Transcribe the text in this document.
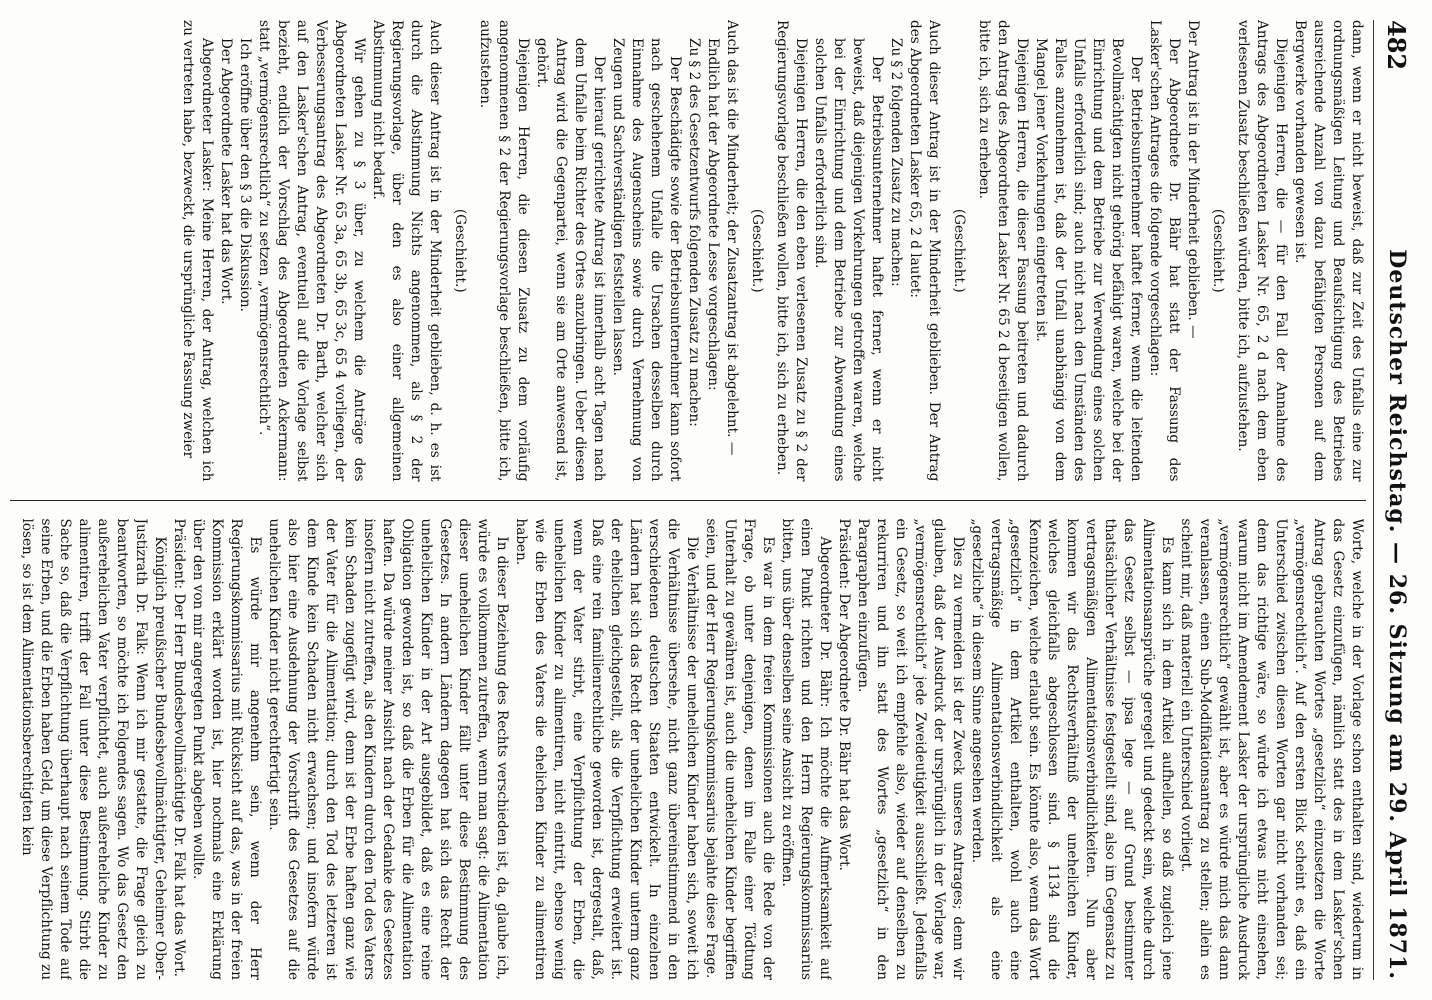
482
Deutscher Reichstag. — 26. Sitzung am 29. April 1871.

dann, wenn er nicht beweist, daß zur Zeit des Unfalls eine zur ordnungsmäßigen Leitung und Beaufsichtigung des Betriebes ausreichende Anzahl von dazu befähigten Personen auf dem Bergwerke vorhanden gewesen ist.

Diejenigen Herren, die — für den Fall der Annahme des Antrags des Abgeordneten Lasker Nr. 65, 2 d nach dem eben verlesenen Zusatz beschließen würden, bitte ich, aufzustehen.

(Geschieht.)

Der Antrag ist in der Minderheit geblieben. —

Der Abgeordnete Dr. Bähr hat statt der Fassung des Lasker'schen Antrages die folgende vorgeschlagen:

Der Betriebsunternehmer haftet ferner, wenn die leitenden Bevollmächtigten nicht gehörig befähigt waren, welche bei der Einrichtung und dem Betriebe zur Verwendung eines solchen Unfalls erforderlich sind; auch nicht nach den Umständen des Falles anzunehmen ist, daß der Unfall unabhängig von dem Mangel jener Vorkehrungen eingetreten ist.

Diejenigen Herren, die dieser Fassung beitreten und dadurch den Antrag des Abgeordneten Lasker Nr. 65 2 d beseitigen wollen, bitte ich, sich zu erheben.

(Geschieht.)

Auch dieser Antrag ist in der Minderheit geblieben. Der Antrag des Abgeordneten Lasker 65, 2 d lautet:

Zu § 2 folgenden Zusatz zu machen:

Der Betriebsunternehmer haftet ferner, wenn er nicht beweist, daß diejenigen Vorkehrungen getroffen waren, welche bei der Einrichtung und dem Betriebe zur Abwendung eines solchen Unfalls erforderlich sind.

Diejenigen Herren, die den eben verlesenen Zusatz zu § 2 der Regierungsvorlage beschließen wollen, bitte ich, sich zu erheben.

(Geschieht.)

Auch das ist die Minderheit; der Zusatzantrag ist abgelehnt. —

Endlich hat der Abgeordnete Lesse vorgeschlagen:

Zu § 2 des Gesetzentwurfs folgenden Zusatz zu machen:

Der Beschädigte sowie der Betriebsunternehmer kann sofort nach geschehenem Unfalle die Ursachen desselben durch Einnahme des Augenscheins sowie durch Vernehmung von Zeugen und Sachverständigen feststellen lassen.

Der hierauf gerichtete Antrag ist innerhalb acht Tagen nach dem Unfalle beim Richter des Ortes anzubringen. Ueber diesen Antrag wird die Gegenpartei, wenn sie am Orte anwesend ist, gehört.

Diejenigen Herren, die diesen Zusatz zu dem vorläufig angenommenen § 2 der Regierungsvorlage beschließen, bitte ich, aufzustehen.

(Geschieht.)

Auch dieser Antrag ist in der Minderheit geblieben, d. h. es ist durch die Abstimmung Nichts angenommen, als § 2 der Regierungsvorlage, über den es also einer allgemeinen Abstimmung nicht bedarf.

Wir gehen zu § 3 über, zu welchem die Anträge des Abgeordneten Lasker Nr. 65 3a, 65 3b, 65 3c, 65 4 vorliegen, der Verbesserungsantrag des Abgeordneten Dr. Barth, welcher sich auf den Lasker'schen Antrag, eventuell auf die Vorlage selbst bezieht, endlich der Vorschlag des Abgeordneten Ackermann: statt „vermögensrechtlich“ zu setzen „vermögensrechtlich“.

Ich eröffne über den § 3 die Diskussion.

Der Abgeordnete Lasker hat das Wort.

Abgeordneter Lasker: Meine Herren, der Antrag, welchen ich zu vertreten habe, bezweckt, die ursprüngliche Fassung zweier

Worte, welche in der Vorlage schon enthalten sind, wiederum in das Gesetz einzufügen, nämlich statt des in dem Lasker'schen Antrag gebrauchten Wortes „gesetzlich“ einzusetzen die Worte „vermögensrechtlich“. Auf den ersten Blick scheint es, daß ein Unterschied zwischen diesen Worten gar nicht vorhanden sei; denn das richtige wäre, so würde ich etwas nicht einsehen, warum nicht im Amendement Lasker der ursprüngliche Ausdruck „vermögensrechtlich“ gewählt ist, aber es würde mich das dann veranlassen, einen Sub-Modifikationsantrag zu stellen; allein es scheint mir, daß materiell ein Unterschied vorliegt.

Es kann sich in dem Artikel aufhellen, so daß zugleich jene Alimentationsansprüche geregelt und gedeckt sein, welche durch das Gesetz selbst — ipsa lege — auf Grund bestimmter thatsächlicher Verhältnisse festgestellt sind, also im Gegensatz zu vertragsmäßigen Alimentationsverbindlichkeiten. Nun aber kommen wir das Rechtsverhältniß der unehelichen Kinder, welches gleichfalls abgeschlossen sind. § 1134 sind die Kennzeichen, welche erlaubt sein. Es könnte also, wenn das Wort „gesetzlich“ in dem Artikel enthalten, wohl auch eine vertragsmäßige Alimentationsverbindlichkeit als eine „gesetzliche“ in diesem Sinne angesehen werden.

Dies zu vermeiden ist der Zweck unseres Antrages; denn wir glauben, daß der Ausdruck der ursprünglich in der Vorlage war, „vermögensrechtlich“ jede Zweideutigkeit ausschließt. Jedenfalls ein Gesetz, so weit ich empfehle also, wieder auf denselben zu rekurriren und ihn statt des Wortes „gesetzlich“ in den Paragraphen einzufügen.

Präsident: Der Abgeordnete Dr. Bähr hat das Wort.

Abgeordneter Dr. Bähr: Ich möchte die Aufmerksamkeit auf einen Punkt richten und den Herrn Regierungskommissarius bitten, uns über denselben seine Ansicht zu eröffnen.

Es war in dem freien Kommissionen auch die Rede von der Frage, ob unter denjenigen, denen im Falle einer Tödtung Unterhalt zu gewähren ist, auch die unehelichen Kinder begriffen seien, und der Herr Regierungskommissarius bejahte diese Frage.

Die Verhältnisse der unehelichen Kinder haben sich, soweit ich die Verhältnisse übersehe, nicht ganz übereinstimmend in den verschiedenen deutschen Staaten entwickelt. In einzelnen Ländern hat sich das Recht der unehelichen Kinder unterm ganz der ehelichen gleichgestellt, als die Verpflichtung erweitert ist. Daß eine rein familienrechtliche geworden ist, dergestalt, daß, wenn der Vater stirbt, eine Verpflichtung der Erben, die unehelichen Kinder zu alimentiren, nicht eintritt, ebenso wenig wie die Erben des Vaters die ehelichen Kinder zu alimentiren haben.

In dieser Beziehung des Rechts verschieden ist, da, glaube ich, würde es vollkommen zutreffen, wenn man sagt: die Alimentation dieser unehelichen Kinder fällt unter diese Bestimmung des Gesetzes. In andern Ländern dagegen hat sich das Recht der unehelichen Kinder in der Art ausgebildet, daß es eine reine Obligation geworden ist, so daß die Erben für die Alimentation haften. Da würde meiner Ansicht nach der Gedanke des Gesetzes insofern nicht zutreffen, als den Kindern durch den Tod des Vaters kein Schaden zugefügt wird, denn ist der Erbe haften ganz wie der Vater für die Alimentation; durch den Tod des letzteren ist dem Kinde kein Schaden nicht erwachsen; und insofern würde also hier eine Ausdehnung der Vorschrift des Gesetzes auf die unehelichen Kinder nicht gerechtfertigt sein.

Es würde mir angenehm sein, wenn der Herr Regierungskommissarius mit Rücksicht auf das, was in der freien Kommission erklärt worden ist, hier nochmals eine Erklärung über den von mir angeregten Punkt abgeben wollte.

Präsident: Der Herr Bundesbevollmächtigte Dr. Falk hat das Wort.

Königlich preußischer Bundesbevollmächtigter, Geheimer Ober-Justizrath Dr. Falk: Wenn ich mir gestatte, die Frage gleich zu beantworten, so möchte ich Folgendes sagen. Wo das Gesetz den außerehelichen Vater verpflichtet, auch außereheliche Kinder zu alimentiren, trifft der Fall unter diese Bestimmung. Stirbt die Sache so, daß die Verpflichtung überhaupt nach seinem Tode auf seine Erben, und die Erben haben Geld, um diese Verpflichtung zu lösen, so ist dem Alimentationsberechtigten kein
